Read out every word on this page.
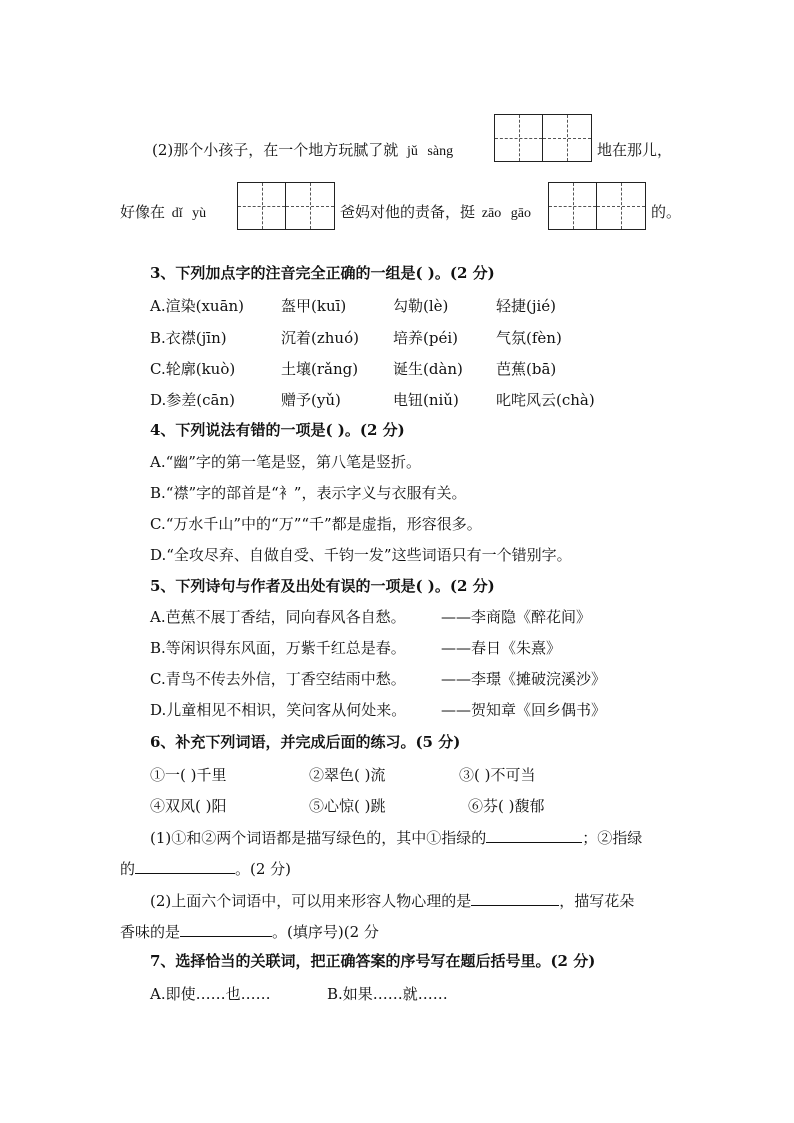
(2)那个小孩子，在一个地方玩腻了就 jǔ sàng	地在那儿，
好像在 dǐ yù	爸妈对他的责备，挺 zāo gāo	的。
3、下列加点字的注音完全正确的一组是( )。(2 分)
A.渲染(xuān) 盔甲(kuī)	勾勒(lè)	轻捷(jié)
B.衣襟(jīn)	沉着(zhuó) 培养(péi)	气氛(fèn)
C.轮廓(kuò)	土壤(rǎng) 诞生(dàn) 芭蕉(bā)
D.参差(cān)	赠予(yǔ)	电钮(niǔ) 叱咤风云(chà)
4、下列说法有错的一项是( )。(2 分)
A.“幽”字的第一笔是竖，第八笔是竖折。
B.“襟”字的部首是“衤”，表示字义与衣服有关。
C.“万水千山”中的“万”“千”都是虚指，形容很多。
D.“全攻尽弃、自做自受、千钧一发”这些词语只有一个错别字。
5、下列诗句与作者及出处有误的一项是( )。(2 分)
A.芭蕉不展丁香结，同向春风各自愁。 ——李商隐《醉花间》
B.等闲识得东风面，万紫千红总是春。 ——春日《朱熹》
C.青鸟不传去外信，丁香空结雨中愁。 ——李璟《摊破浣溪沙》
D.儿童相见不相识，笑问客从何处来。 ——贺知章《回乡偶书》
6、补充下列词语，并完成后面的练习。(5 分)
①一( )千里	②翠色( )流	③( )不可当
④双风( )阳	⑤心惊( )跳	⑥芬( )馥郁
(1)①和②两个词语都是描写绿色的，其中①指绿的	；②指绿
的	。(2 分)
(2)上面六个词语中，可以用来形容人物心理的是	，描写花朵
香味的是	。(填序号)(2 分
7、选择恰当的关联词，把正确答案的序号写在题后括号里。(2 分)
A.即使……也……	B.如果……就……
